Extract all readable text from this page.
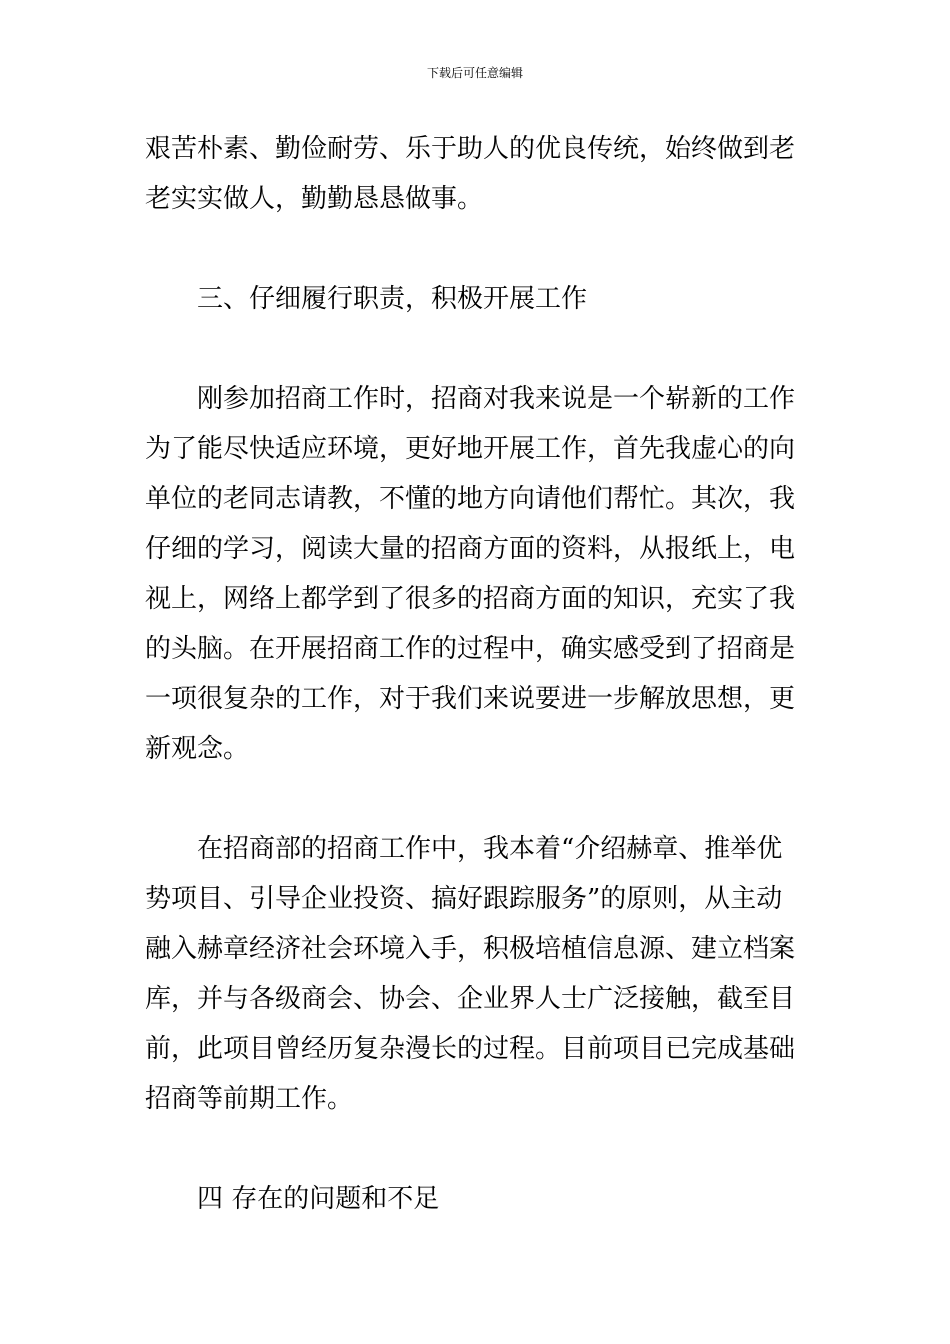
下载后可任意编辑
艰苦朴素、勤俭耐劳、乐于助人的优良传统，始终做到老
老实实做人，勤勤恳恳做事。
三、仔细履行职责，积极开展工作
刚参加招商工作时，招商对我来说是一个崭新的工作
为了能尽快适应环境，更好地开展工作，首先我虚心的向
单位的老同志请教，不懂的地方向请他们帮忙。其次，我
仔细的学习，阅读大量的招商方面的资料，从报纸上，电
视上，网络上都学到了很多的招商方面的知识，充实了我
的头脑。在开展招商工作的过程中，确实感受到了招商是
一项很复杂的工作，对于我们来说要进一步解放思想，更
新观念。
在招商部的招商工作中，我本着“介绍赫章、推举优
势项目、引导企业投资、搞好跟踪服务”的原则，从主动
融入赫章经济社会环境入手，积极培植信息源、建立档案
库，并与各级商会、协会、企业界人士广泛接触，截至目
前，此项目曾经历复杂漫长的过程。目前项目已完成基础
招商等前期工作。
四 存在的问题和不足
